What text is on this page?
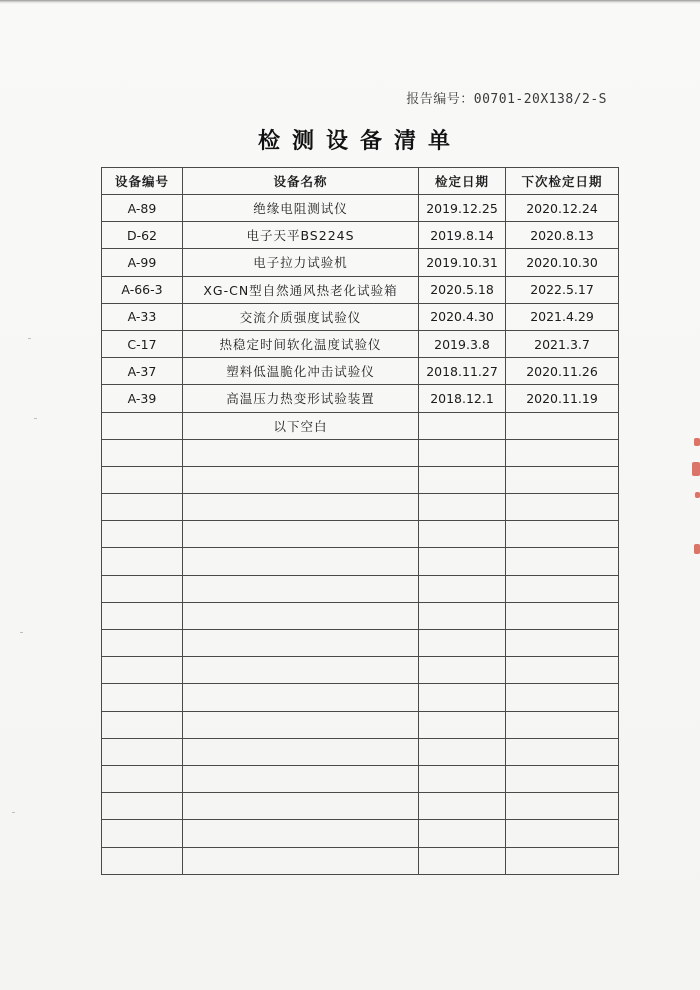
报告编号：00701-20X138/2-S
检测设备清单
设备编号	设备名称	检定日期	下次检定日期
A-89	绝缘电阻测试仪	2019.12.25	2020.12.24
D-62	电子天平BS224S	2019.8.14	2020.8.13
A-99	电子拉力试验机	2019.10.31	2020.10.30
A-66-3	XG-CN型自然通风热老化试验箱	2020.5.18	2022.5.17
A-33	交流介质强度试验仪	2020.4.30	2021.4.29
C-17	热稳定时间软化温度试验仪	2019.3.8	2021.3.7
A-37	塑料低温脆化冲击试验仪	2018.11.27	2020.11.26
A-39	高温压力热变形试验装置	2018.12.1	2020.11.19
	以下空白		
